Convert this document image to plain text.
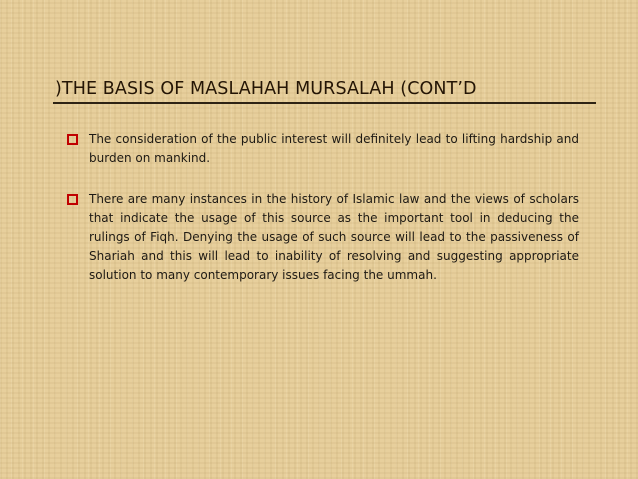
)THE BASIS OF MASLAHAH MURSALAH (CONT’D
The consideration of the public interest will definitely lead to lifting hardship and burden on mankind.
There are many instances in the history of Islamic law and the views of scholars that indicate the usage of this source as the important tool in deducing the rulings of Fiqh. Denying the usage of such source will lead to the passiveness of Shariah and this will lead to inability of resolving and suggesting appropriate solution to many contemporary issues facing the ummah.
